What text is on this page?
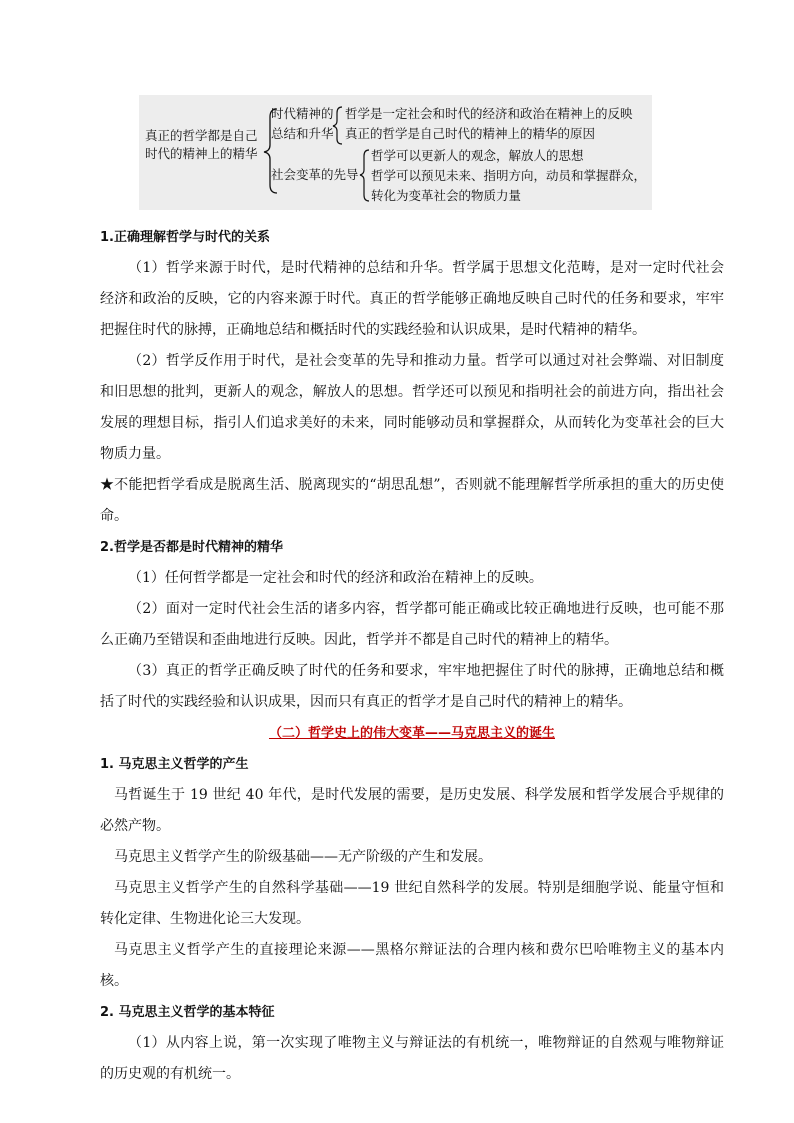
真正的哲学都是自己
时代的精神上的精华
时代精神的
总结和升华
哲学是一定社会和时代的经济和政治在精神上的反映
真正的哲学是自己时代的精神上的精华的原因
社会变革的先导
哲学可以更新人的观念，解放人的思想
哲学可以预见未来、指明方向，动员和掌握群众，
转化为变革社会的物质力量
1.正确理解哲学与时代的关系
（1）哲学来源于时代，是时代精神的总结和升华。哲学属于思想文化范畴，是对一定时代社会经济和政治的反映，它的内容来源于时代。真正的哲学能够正确地反映自己时代的任务和要求，牢牢把握住时代的脉搏，正确地总结和概括时代的实践经验和认识成果，是时代精神的精华。
（2）哲学反作用于时代，是社会变革的先导和推动力量。哲学可以通过对社会弊端、对旧制度和旧思想的批判，更新人的观念，解放人的思想。哲学还可以预见和指明社会的前进方向，指出社会发展的理想目标，指引人们追求美好的未来，同时能够动员和掌握群众，从而转化为变革社会的巨大物质力量。
★不能把哲学看成是脱离生活、脱离现实的“胡思乱想”，否则就不能理解哲学所承担的重大的历史使命。
2.哲学是否都是时代精神的精华
（1）任何哲学都是一定社会和时代的经济和政治在精神上的反映。
（2）面对一定时代社会生活的诸多内容，哲学都可能正确或比较正确地进行反映，也可能不那么正确乃至错误和歪曲地进行反映。因此，哲学并不都是自己时代的精神上的精华。
（3）真正的哲学正确反映了时代的任务和要求，牢牢地把握住了时代的脉搏，正确地总结和概括了时代的实践经验和认识成果，因而只有真正的哲学才是自己时代的精神上的精华。
（二）哲学史上的伟大变革——马克思主义的诞生
1. 马克思主义哲学的产生
马哲诞生于 19 世纪 40 年代，是时代发展的需要，是历史发展、科学发展和哲学发展合乎规律的必然产物。
马克思主义哲学产生的阶级基础——无产阶级的产生和发展。
马克思主义哲学产生的自然科学基础——19 世纪自然科学的发展。特别是细胞学说、能量守恒和转化定律、生物进化论三大发现。
马克思主义哲学产生的直接理论来源——黑格尔辩证法的合理内核和费尔巴哈唯物主义的基本内核。
2. 马克思主义哲学的基本特征
（1）从内容上说，第一次实现了唯物主义与辩证法的有机统一，唯物辩证的自然观与唯物辩证的历史观的有机统一。
